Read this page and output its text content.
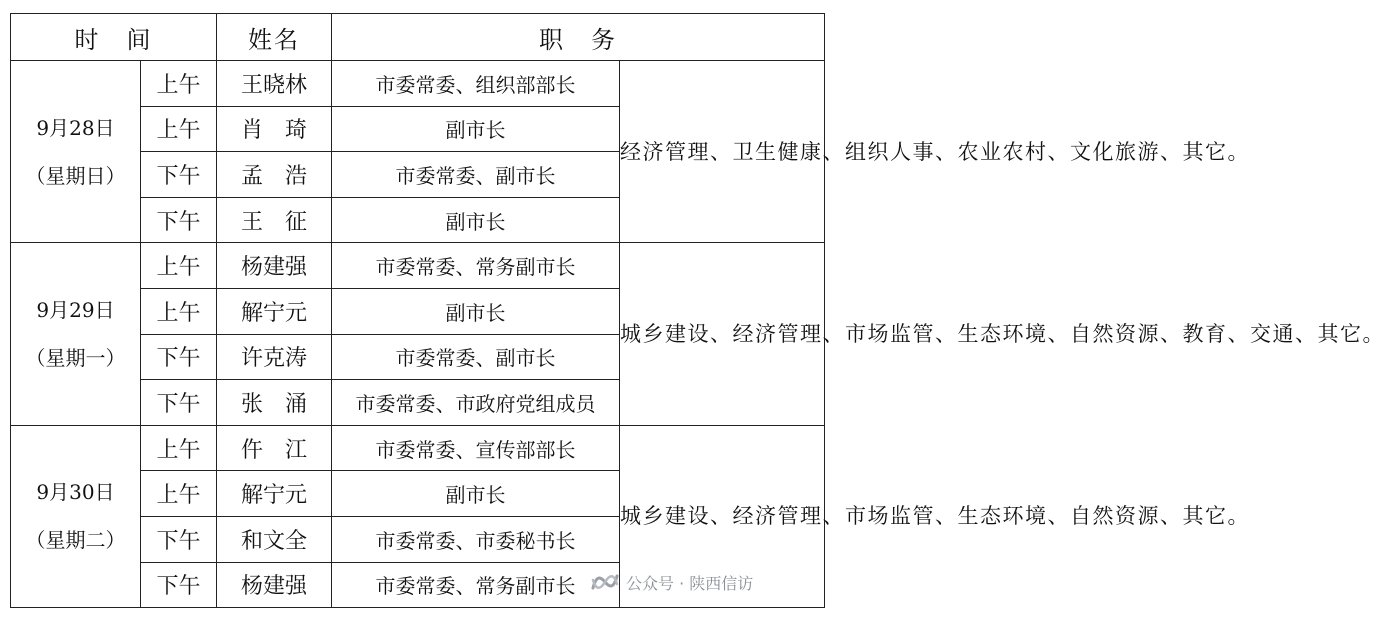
时　间		姓名	职　务	

9月28日
（星期日）	上午	王晓林	市委常委、组织部部长	经济管理、卫生健康、组织人事、农业农村、文化旅游、其它。
	上午	肖　琦	副市长	
	下午	孟　浩	市委常委、副市长	
	下午	王　征	副市长	

9月29日
（星期一）	上午	杨建强	市委常委、常务副市长	城乡建设、经济管理、市场监管、生态环境、自然资源、教育、交通、其它。
	上午	解宁元	副市长	
	下午	许克涛	市委常委、副市长	
	下午	张　涌	市委常委、市政府党组成员	

9月30日
（星期二）	上午	仵　江	市委常委、宣传部部长	城乡建设、经济管理、市场监管、生态环境、自然资源、其它。
	上午	解宁元	副市长	
	下午	和文全	市委常委、市委秘书长	
	下午	杨建强	市委常委、常务副市长		公众号 · 陕西信访
